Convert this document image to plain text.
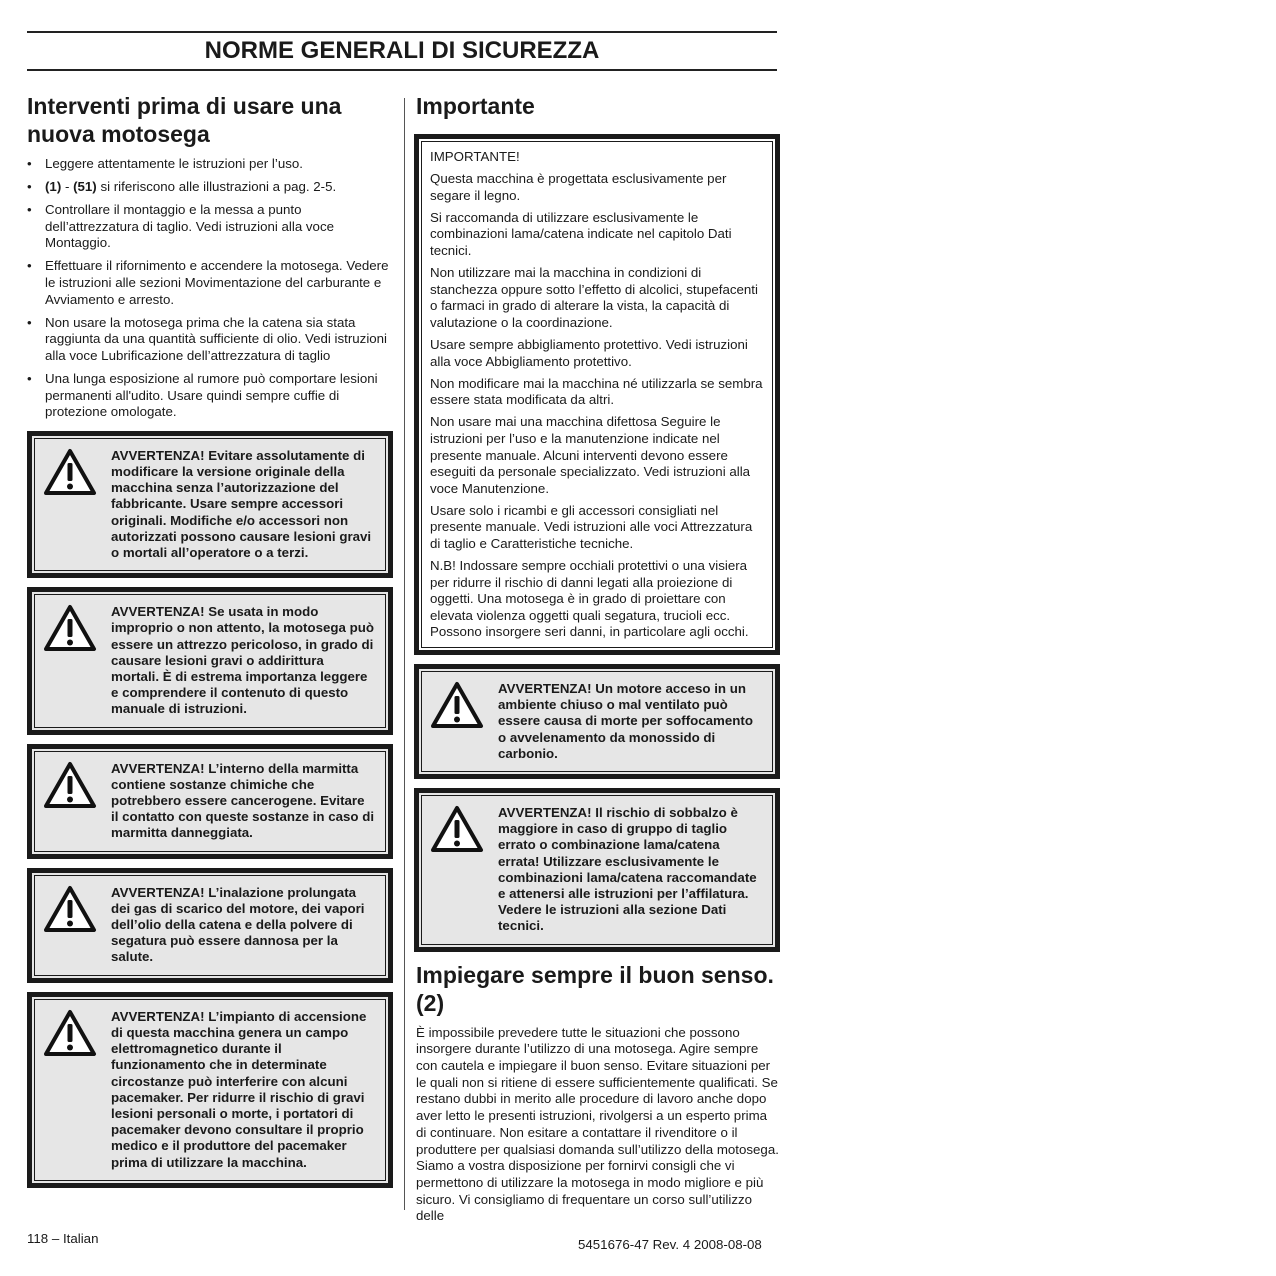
NORME GENERALI DI SICUREZZA
Interventi prima di usare una nuova motosega
• Leggere attentamente le istruzioni per l’uso.
• (1) - (51) si riferiscono alle illustrazioni a pag. 2-5.
• Controllare il montaggio e la messa a punto dell’attrezzatura di taglio. Vedi istruzioni alla voce Montaggio.
• Effettuare il rifornimento e accendere la motosega. Vedere le istruzioni alle sezioni Movimentazione del carburante e Avviamento e arresto.
• Non usare la motosega prima che la catena sia stata raggiunta da una quantità sufficiente di olio. Vedi istruzioni alla voce Lubrificazione dell’attrezzatura di taglio
• Una lunga esposizione al rumore può comportare lesioni permanenti all'udito. Usare quindi sempre cuffie di protezione omologate.
AVVERTENZA! Evitare assolutamente di modificare la versione originale della macchina senza l’autorizzazione del fabbricante. Usare sempre accessori originali. Modifiche e/o accessori non autorizzati possono causare lesioni gravi o mortali all’operatore o a terzi.
AVVERTENZA! Se usata in modo improprio o non attento, la motosega può essere un attrezzo pericoloso, in grado di causare lesioni gravi o addirittura mortali. È di estrema importanza leggere e comprendere il contenuto di questo manuale di istruzioni.
AVVERTENZA! L’interno della marmitta contiene sostanze chimiche che potrebbero essere cancerogene. Evitare il contatto con queste sostanze in caso di marmitta danneggiata.
AVVERTENZA! L’inalazione prolungata dei gas di scarico del motore, dei vapori dell’olio della catena e della polvere di segatura può essere dannosa per la salute.
AVVERTENZA! L’impianto di accensione di questa macchina genera un campo elettromagnetico durante il funzionamento che in determinate circostanze può interferire con alcuni pacemaker. Per ridurre il rischio di gravi lesioni personali o morte, i portatori di pacemaker devono consultare il proprio medico e il produttore del pacemaker prima di utilizzare la macchina.
Importante

IMPORTANTE!

Questa macchina è progettata esclusivamente per segare il legno.

Si raccomanda di utilizzare esclusivamente le combinazioni lama/catena indicate nel capitolo Dati tecnici.

Non utilizzare mai la macchina in condizioni di stanchezza oppure sotto l’effetto di alcolici, stupefacenti o farmaci in grado di alterare la vista, la capacità di valutazione o la coordinazione.

Usare sempre abbigliamento protettivo. Vedi istruzioni alla voce Abbigliamento protettivo.

Non modificare mai la macchina né utilizzarla se sembra essere stata modificata da altri.

Non usare mai una macchina difettosa Seguire le istruzioni per l’uso e la manutenzione indicate nel presente manuale. Alcuni interventi devono essere eseguiti da personale specializzato. Vedi istruzioni alla voce Manutenzione.

Usare solo i ricambi e gli accessori consigliati nel presente manuale. Vedi istruzioni alle voci Attrezzatura di taglio e Caratteristiche tecniche.

N.B! Indossare sempre occhiali protettivi o una visiera per ridurre il rischio di danni legati alla proiezione di oggetti. Una motosega è in grado di proiettare con elevata violenza oggetti quali segatura, trucioli ecc. Possono insorgere seri danni, in particolare agli occhi.

AVVERTENZA! Un motore acceso in un ambiente chiuso o mal ventilato può essere causa di morte per soffocamento o avvelenamento da monossido di carbonio.
AVVERTENZA! Il rischio di sobbalzo è maggiore in caso di gruppo di taglio errato o combinazione lama/catena errata! Utilizzare esclusivamente le combinazioni lama/catena raccomandate e attenersi alle istruzioni per l’affilatura. Vedere le istruzioni alla sezione Dati tecnici.
Impiegare sempre il buon senso. (2)

È impossibile prevedere tutte le situazioni che possono insorgere durante l’utilizzo di una motosega. Agire sempre con cautela e impiegare il buon senso. Evitare situazioni per le quali non si ritiene di essere sufficientemente qualificati. Se restano dubbi in merito alle procedure di lavoro anche dopo aver letto le presenti istruzioni, rivolgersi a un esperto prima di continuare. Non esitare a contattare il rivenditore o il produttere per qualsiasi domanda sull’utilizzo della motosega. Siamo a vostra disposizione per fornirvi consigli che vi permettono di utilizzare la motosega in modo migliore e più sicuro. Vi consigliamo di frequentare un corso sull’utilizzo delle

118 – Italian	5451676-47 Rev. 4 2008-08-08
